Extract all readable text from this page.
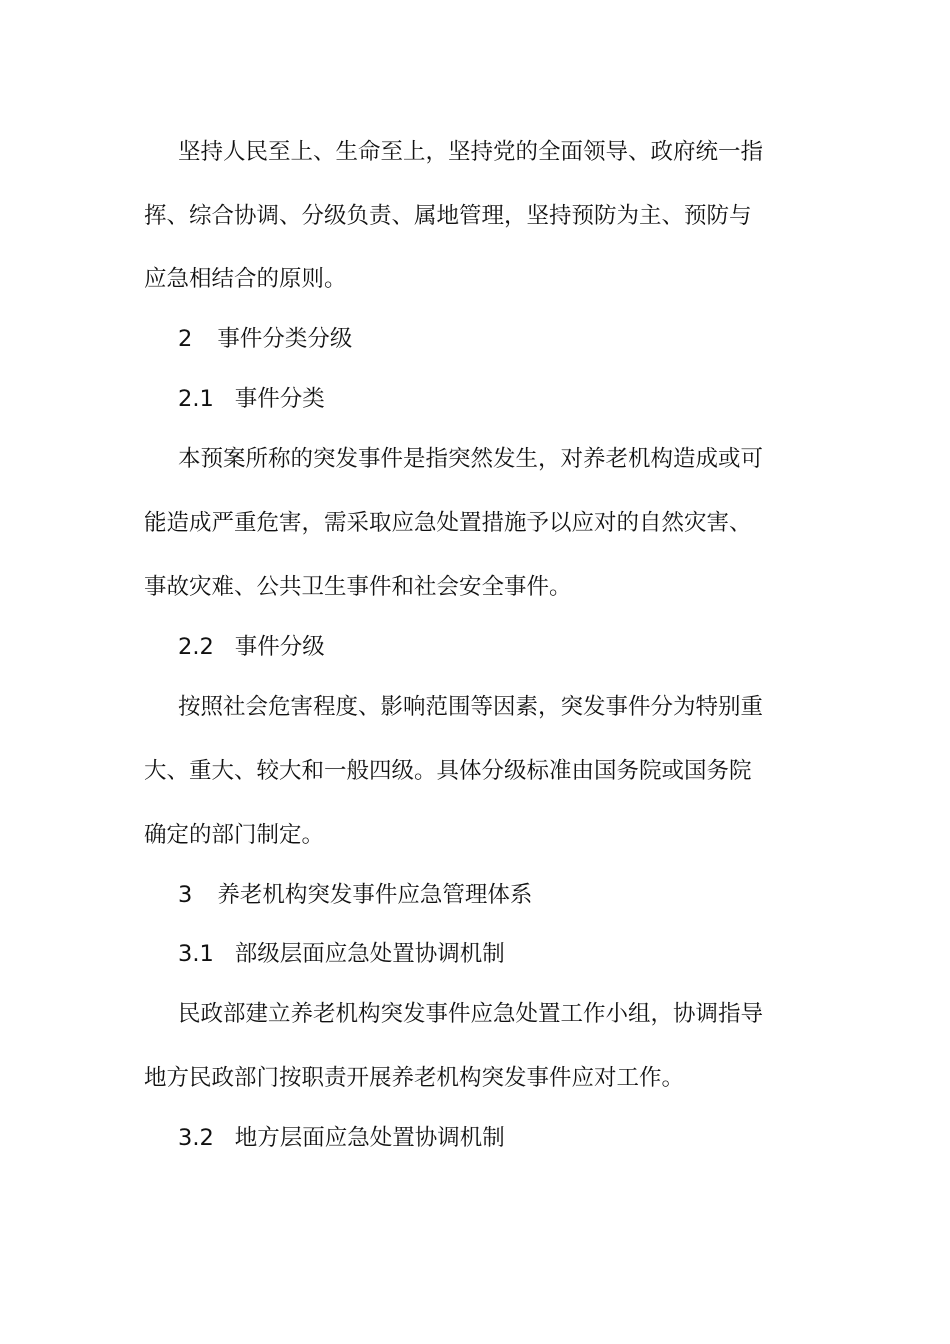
坚持人民至上、生命至上，坚持党的全面领导、政府统一指

挥、综合协调、分级负责、属地管理，坚持预防为主、预防与

应急相结合的原则。

2 事件分类分级
2.1 事件分类

本预案所称的突发事件是指突然发生，对养老机构造成或可

能造成严重危害，需采取应急处置措施予以应对的自然灾害、

事故灾难、公共卫生事件和社会安全事件。

2.2 事件分级

按照社会危害程度、影响范围等因素，突发事件分为特别重

大、重大、较大和一般四级。具体分级标准由国务院或国务院

确定的部门制定。

3 养老机构突发事件应急管理体系
3.1 部级层面应急处置协调机制

民政部建立养老机构突发事件应急处置工作小组，协调指导

地方民政部门按职责开展养老机构突发事件应对工作。

3.2 地方层面应急处置协调机制
